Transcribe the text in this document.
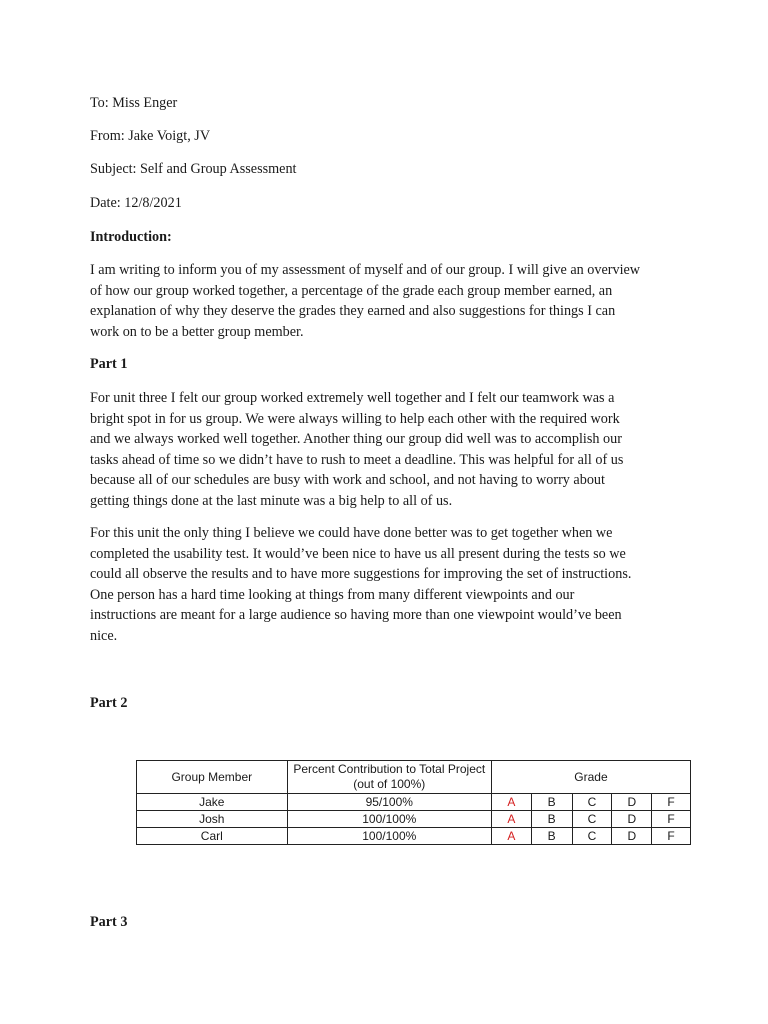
To: Miss Enger

From: Jake Voigt, JV

Subject: Self and Group Assessment

Date: 12/8/2021

Introduction:

I am writing to inform you of my assessment of myself and of our group. I will give an overview
of how our group worked together, a percentage of the grade each group member earned, an
explanation of why they deserve the grades they earned and also suggestions for things I can
work on to be a better group member.

Part 1

For unit three I felt our group worked extremely well together and I felt our teamwork was a
bright spot in for us group. We were always willing to help each other with the required work
and we always worked well together. Another thing our group did well was to accomplish our
tasks ahead of time so we didn’t have to rush to meet a deadline. This was helpful for all of us
because all of our schedules are busy with work and school, and not having to worry about
getting things done at the last minute was a big help to all of us.
For this unit the only thing I believe we could have done better was to get together when we
completed the usability test. It would’ve been nice to have us all present during the tests so we
could all observe the results and to have more suggestions for improving the set of instructions.
One person has a hard time looking at things from many different viewpoints and our
instructions are meant for a large audience so having more than one viewpoint would’ve been
nice.

Part 2

Group Member	Percent Contribution to Total Project (out of 100%)	Grade				
Jake	95/100%	A	B	C	D	F
Josh	100/100%	A	B	C	D	F
Carl	100/100%	A	B	C	D	F

Part 3
